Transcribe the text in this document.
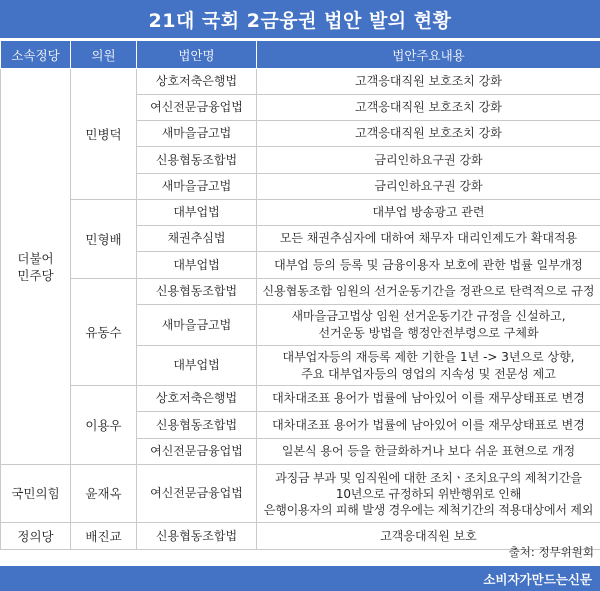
21대 국회 2금융권 법안 발의 현황
소속정당	의원	법안명	법안주요내용
더불어
민주당	민병덕	상호저축은행법	고객응대직원 보호조치 강화
		여신전문금융업법	고객응대직원 보호조치 강화
		새마을금고법	고객응대직원 보호조치 강화
		신용협동조합법	금리인하요구권 강화
		새마을금고법	금리인하요구권 강화
	민형배	대부업법	대부업 방송광고 관련
		채권추심법	모든 채권추심자에 대하여 채무자 대리인제도가 확대적용
		대부업법	대부업 등의 등록 및 금융이용자 보호에 관한 법률 일부개정
	유동수	신용협동조합법	신용협동조합 임원의 선거운동기간을 정관으로 탄력적으로 규정
		새마을금고법	새마을금고법상 임원 선거운동기간 규정을 신설하고,
선거운동 방법을 행정안전부령으로 구체화
		대부업법	대부업자등의 재등록 제한 기한을 1년 -> 3년으로 상향,
주요 대부업자등의 영업의 지속성 및 전문성 제고
	이용우	상호저축은행법	대차대조표 용어가 법률에 남아있어 이를 재무상태표로 변경
		신용협동조합법	대차대조표 용어가 법률에 남아있어 이를 재무상태표로 변경
		여신전문금융업법	일본식 용어 등을 한글화하거나 보다 쉬운 표현으로 개정
국민의힘	윤재옥	여신전문금융업법	과징금 부과 및 임직원에 대한 조치ㆍ조치요구의 제척기간을
10년으로 규정하되 위반행위로 인해
은행이용자의 피해 발생 경우에는 제척기간의 적용대상에서 제외
정의당	배진교	신용협동조합법	고객응대직원 보호
출처: 정무위원회
소비자가만드는신문
